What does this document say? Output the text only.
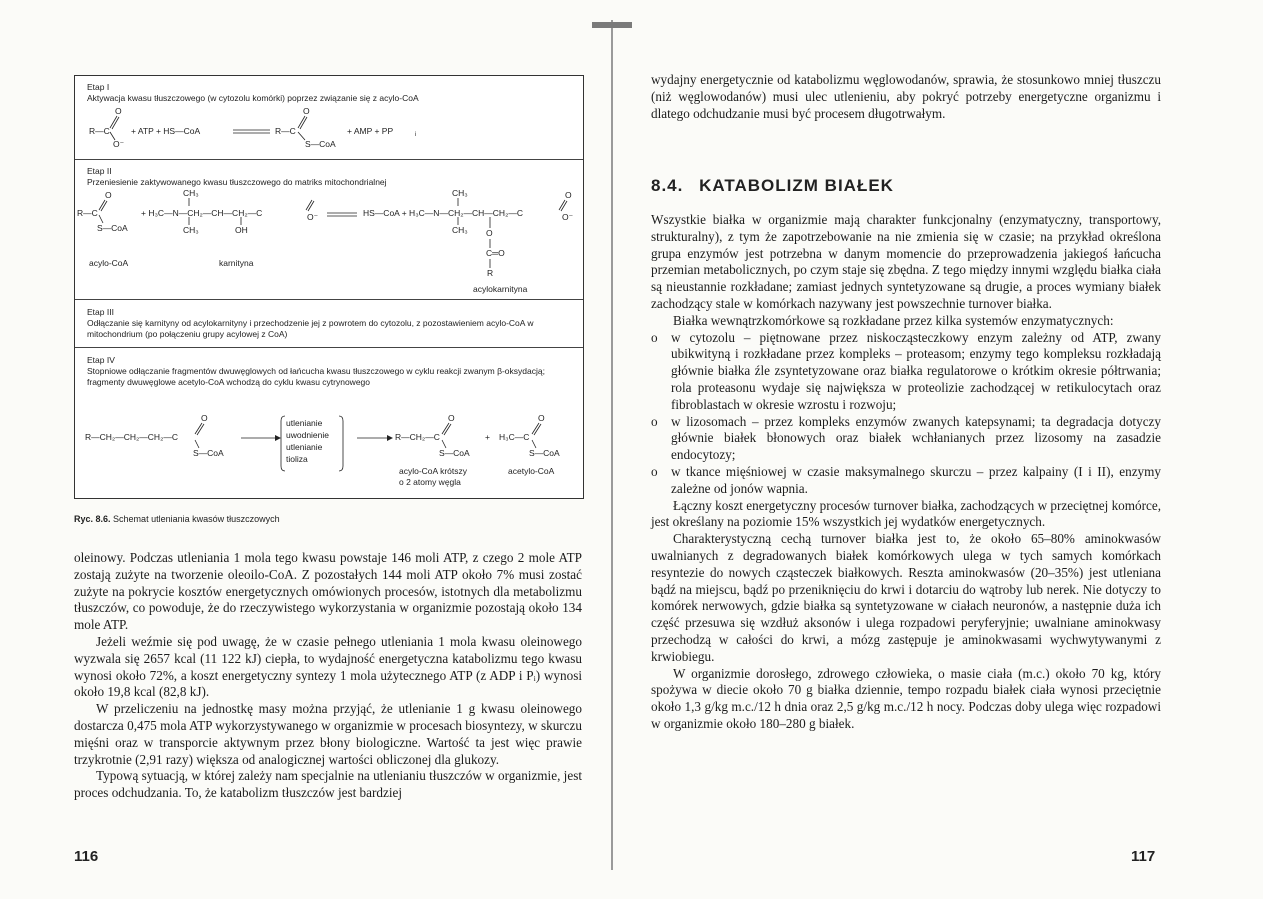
Etap I
Aktywacja kwasu tłuszczowego (w cytozolu komórki) poprzez związanie się z acylo-CoA
R—C
O
O⁻
+ ATP + HS—CoA	R—C
O
S—CoA
+ AMP + PP	i
Etap II
Przeniesienie zaktywowanego kwasu tłuszczowego do matriks mitochondrialnej
R—C
O
S—CoA
+ H₃C—N—CH₂—CH—CH₂—C
CH₃
CH₃	OH
O⁻	HS—CoA + H₃C—N—CH₂—CH—CH₂—C
CH₃
CH₃ O
C═O
R
O
O⁻
acylo-CoA	karnityna
acylokarnityna
Etap III
Odłączanie się karnityny od acylokarnityny i przechodzenie jej z powrotem do cytozolu, z pozostawieniem acylo-CoA w mitochondrium (po połączeniu grupy acylowej z CoA)
Etap IV
Stopniowe odłączanie fragmentów dwuwęglowych od łańcucha kwasu tłuszczowego w cyklu reakcji zwanym β-oksydacją; fragmenty dwuwęglowe acetylo-CoA wchodzą do cyklu kwasu cytrynowego
R—CH₂—CH₂—CH₂—C
O
S—CoA
utlenianie
uwodnienie
utlenianie
tioliza
R—CH₂—C
O
S—CoA
+ H₃C—C
O
S—CoA
acylo-CoA krótszy
o 2 atomy węgla
acetylo-CoA
Ryc. 8.6. Schemat utleniania kwasów tłuszczowych

oleinowy. Podczas utleniania 1 mola tego kwasu powstaje 146 moli ATP, z czego 2 mole ATP zostają zużyte na tworzenie oleoilo-CoA. Z pozostałych 144 moli ATP około 7% musi zostać zużyte na pokrycie kosztów energetycznych omówionych procesów, istotnych dla metabolizmu tłuszczów, co powoduje, że do rzeczywistego wykorzystania w organizmie pozostają około 134 mole ATP.

Jeżeli weźmie się pod uwagę, że w czasie pełnego utleniania 1 mola kwasu oleinowego wyzwala się 2657 kcal (11 122 kJ) ciepła, to wydajność energetyczna katabolizmu tego kwasu wynosi około 72%, a koszt energetyczny syntezy 1 mola użytecznego ATP (z ADP i Pᵢ) wynosi około 19,8 kcal (82,8 kJ).

W przeliczeniu na jednostkę masy można przyjąć, że utlenianie 1 g kwasu oleinowego dostarcza 0,475 mola ATP wykorzystywanego w organizmie w procesach biosyntezy, w skurczu mięśni oraz w transporcie aktywnym przez błony biologiczne. Wartość ta jest więc prawie trzykrotnie (2,91 razy) większa od analogicznej wartości obliczonej dla glukozy.

Typową sytuacją, w której zależy nam specjalnie na utlenianiu tłuszczów w organizmie, jest proces odchudzania. To, że katabolizm tłuszczów jest bardziej

116

wydajny energetycznie od katabolizmu węglowodanów, sprawia, że stosunkowo mniej tłuszczu (niż węglowodanów) musi ulec utlenieniu, aby pokryć potrzeby energetyczne organizmu i dlatego odchudzanie musi być procesem długotrwałym.

8.4. KATABOLIZM BIAŁEK

Wszystkie białka w organizmie mają charakter funkcjonalny (enzymatyczny, transportowy, strukturalny), z tym że zapotrzebowanie na nie zmienia się w czasie; na przykład określona grupa enzymów jest potrzebna w danym momencie do przeprowadzenia jakiegoś łańcucha przemian metabolicznych, po czym staje się zbędna. Z tego między innymi względu białka ciała są nieustannie rozkładane; zamiast jednych syntetyzowane są drugie, a proces wymiany białek zachodzący stale w komórkach nazywany jest powszechnie turnover białka.

Białka wewnątrzkomórkowe są rozkładane przez kilka systemów enzymatycznych:

o w cytozolu – piętnowane przez niskocząsteczkowy enzym zależny od ATP, zwany ubikwityną i rozkładane przez kompleks – proteasom; enzymy tego kompleksu rozkładają głównie białka źle zsyntetyzowane oraz białka regulatorowe o krótkim okresie półtrwania; rola proteasonu wydaje się największa w proteolizie zachodzącej w retikulocytach oraz fibroblastach w okresie wzrostu i rozwoju;
o w lizosomach – przez kompleks enzymów zwanych katepsynami; ta degradacja dotyczy głównie białek błonowych oraz białek wchłanianych przez lizosomy na zasadzie endocytozy;
o w tkance mięśniowej w czasie maksymalnego skurczu – przez kalpainy (I i II), enzymy zależne od jonów wapnia.

Łączny koszt energetyczny procesów turnover białka, zachodzących w przeciętnej komórce, jest określany na poziomie 15% wszystkich jej wydatków energetycznych.

Charakterystyczną cechą turnover białka jest to, że około 65–80% aminokwasów uwalnianych z degradowanych białek komórkowych ulega w tych samych komórkach resyntezie do nowych cząsteczek białkowych. Reszta aminokwasów (20–35%) jest utleniana bądź na miejscu, bądź po przeniknięciu do krwi i dotarciu do wątroby lub nerek. Nie dotyczy to komórek nerwowych, gdzie białka są syntetyzowane w ciałach neuronów, a następnie duża ich część przesuwa się wzdłuż aksonów i ulega rozpadowi peryferyjnie; uwalniane aminokwasy przechodzą w całości do krwi, a mózg zastępuje je aminokwasami wychwytywanymi z krwiobiegu.

W organizmie dorosłego, zdrowego człowieka, o masie ciała (m.c.) około 70 kg, który spożywa w diecie około 70 g białka dziennie, tempo rozpadu białek ciała wynosi przeciętnie około 1,3 g/kg m.c./12 h dnia oraz 2,5 g/kg m.c./12 h nocy. Podczas doby ulega więc rozpadowi w organizmie około 180–280 g białek.

117
